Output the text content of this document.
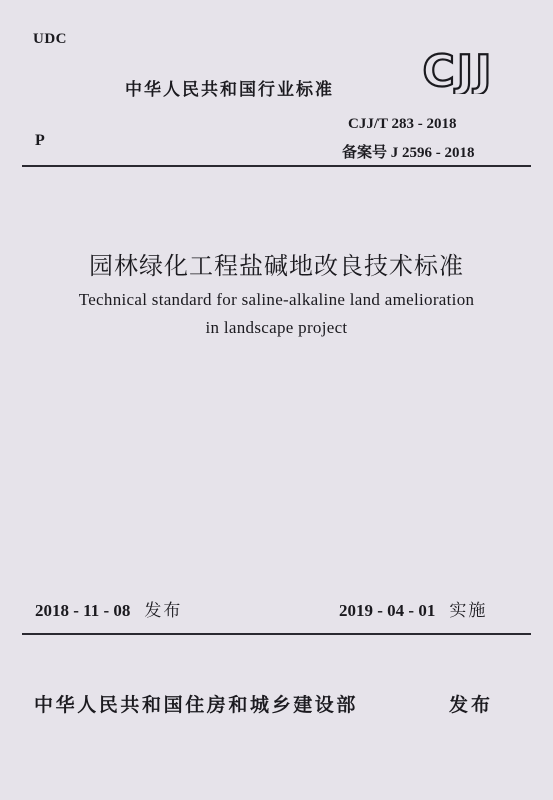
UDC
中华人民共和国行业标准 CJJ
CJJ/T 283 - 2018
备案号 J 2596 - 2018
P
园林绿化工程盐碱地改良技术标准
Technical standard for saline-alkaline land amelioration
in landscape project
2018 - 11 - 08 发布	2019 - 04 - 01 实施
中华人民共和国住房和城乡建设部	发布
